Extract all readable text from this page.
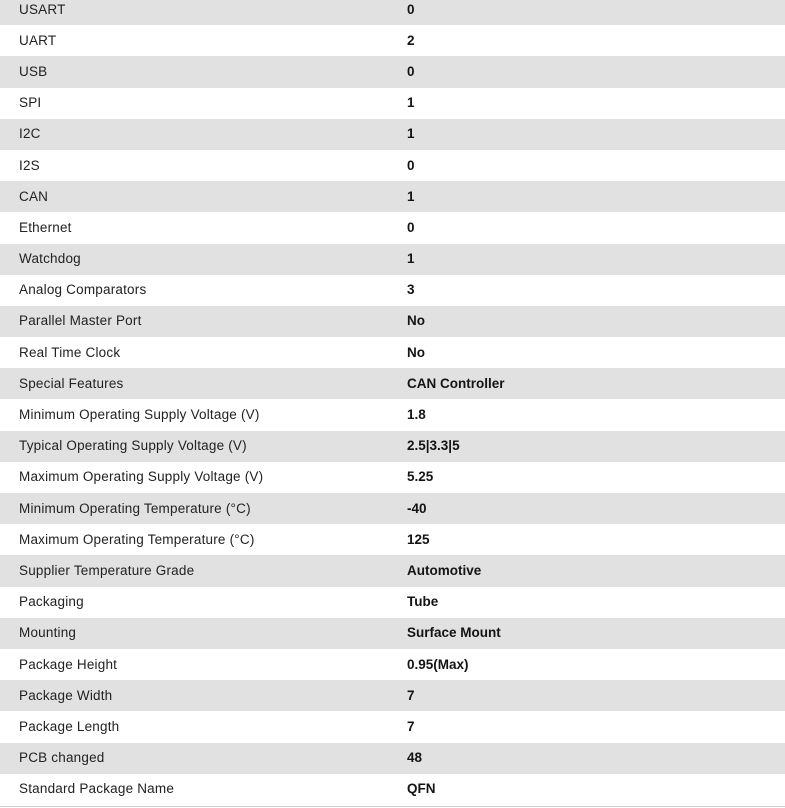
USART	0
UART	2
USB	0
SPI	1
I2C	1
I2S	0
CAN	1
Ethernet	0
Watchdog	1
Analog Comparators	3
Parallel Master Port	No
Real Time Clock	No
Special Features	CAN Controller
Minimum Operating Supply Voltage (V)	1.8
Typical Operating Supply Voltage (V)	2.5|3.3|5
Maximum Operating Supply Voltage (V)	5.25
Minimum Operating Temperature (°C)	-40
Maximum Operating Temperature (°C)	125
Supplier Temperature Grade	Automotive
Packaging	Tube
Mounting	Surface Mount
Package Height	0.95(Max)
Package Width	7
Package Length	7
PCB changed	48
Standard Package Name	QFN
